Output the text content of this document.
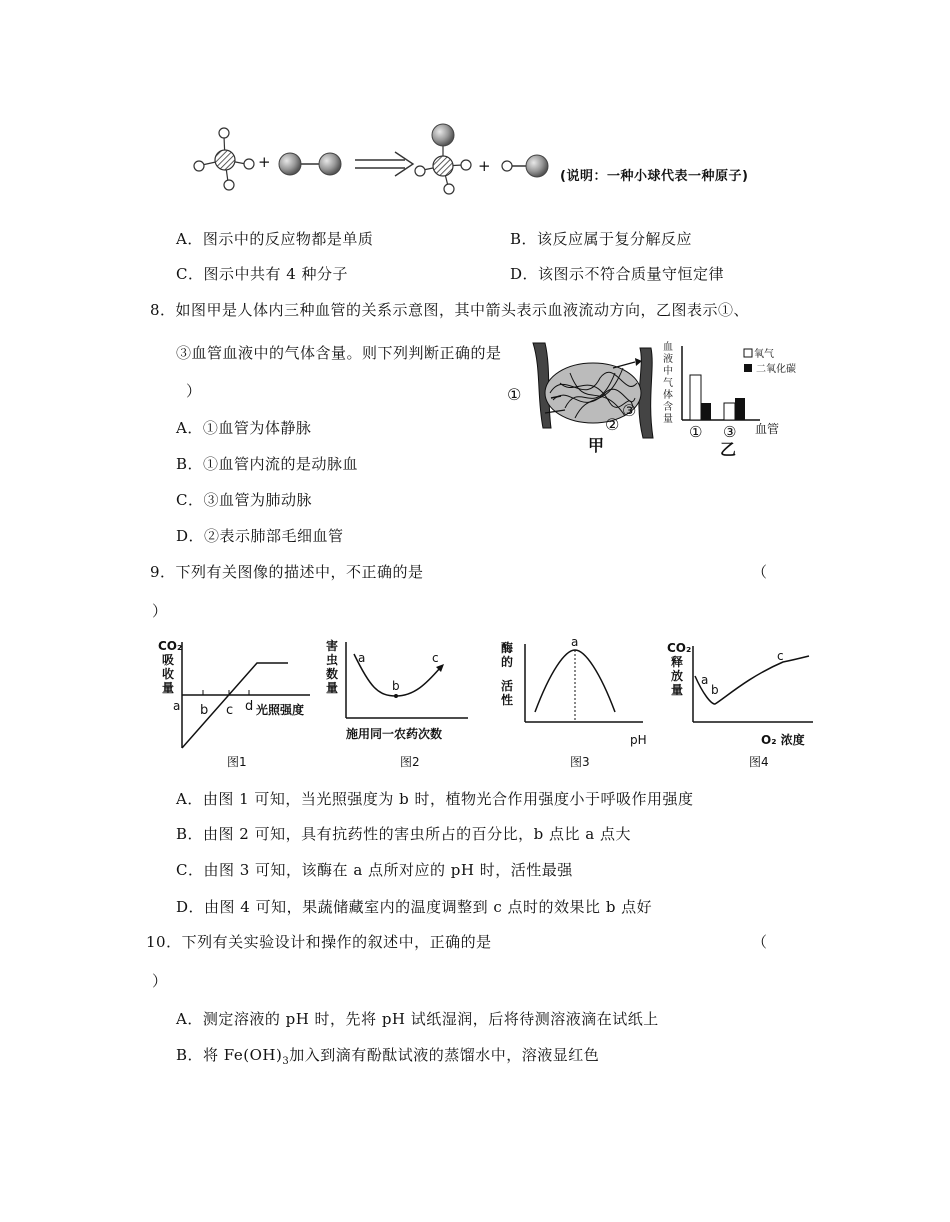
+	+
(说明：一种小球代表一种原子)
A．图示中的反应物都是单质	B．该反应属于复分解反应
C．图示中共有 4 种分子	D．该图示不符合质量守恒定律
8．如图甲是人体内三种血管的关系示意图，其中箭头表示血液流动方向，乙图表示①、
③血管血液中的气体含量。则下列判断正确的是
）	①
②
③
甲
血
液
中
气
体
含
量
氧气
二氧化碳
① ③ 血管
乙
A．①血管为体静脉
B．①血管内流的是动脉血
C．③血管为肺动脉
D．②表示肺部毛细血管
9．下列有关图像的描述中，不正确的是	（
）
CO₂
吸
收
量
a b c d 光照强度
图1
害
虫
数
量
a
b
c
施用同一农药次数
图2
酶
的
活
性
a
pH
图3
CO₂
释
放
量
a
b
c
O₂ 浓度
图4
A．由图 1 可知，当光照强度为 b 时，植物光合作用强度小于呼吸作用强度
B．由图 2 可知，具有抗药性的害虫所占的百分比，b 点比 a 点大
C．由图 3 可知，该酶在 a 点所对应的 pH 时，活性最强
D．由图 4 可知，果蔬储藏室内的温度调整到 c 点时的效果比 b 点好
10．下列有关实验设计和操作的叙述中，正确的是	（
）
A．测定溶液的 pH 时，先将 pH 试纸湿润，后将待测溶液滴在试纸上
B．将 $Fe(OH)_3$加入到滴有酚酞试液的蒸馏水中，溶液显红色
